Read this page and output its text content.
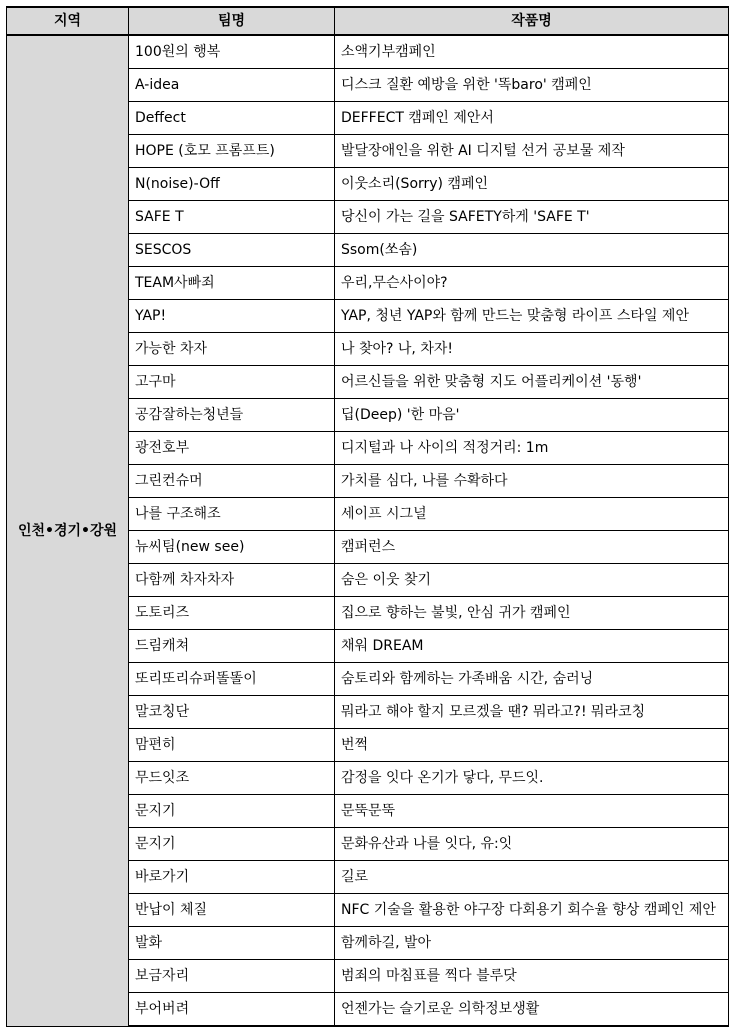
지역	팀명	작품명
인천•경기•강원	100원의 행복	소액기부캠페인
	A-idea	디스크 질환 예방을 위한 '똑baro' 캠페인
	Deffect	DEFFECT 캠페인 제안서
	HOPE (호모 프롬프트)	발달장애인을 위한 AI 디지털 선거 공보물 제작
	N(noise)-Off	이웃소리(Sorry) 캠페인
	SAFE T	당신이 가는 길을 SAFETY하게 'SAFE T'
	SESCOS	Ssom(쏘솜)
	TEAM사빠죄	우리,무슨사이야?
	YAP!	YAP, 청년 YAP와 함께 만드는 맞춤형 라이프 스타일 제안
	가능한 차자	나 찾아? 나, 차자!
	고구마	어르신들을 위한 맞춤형 지도 어플리케이션 '동행'
	공감잘하는청년들	딥(Deep) '한 마음'
	광전호부	디지털과 나 사이의 적정거리: 1m
	그린컨슈머	가치를 심다, 나를 수확하다
	나를 구조해조	세이프 시그널
	뉴씨팀(new see)	캠퍼런스
	다함께 차자차자	숨은 이웃 찾기
	도토리즈	집으로 향하는 불빛, 안심 귀가 캠페인
	드림캐쳐	채워 DREAM
	또리또리슈퍼똘똘이	숨토리와 함께하는 가족배움 시간, 숨러닝
	말코칭단	뭐라고 해야 할지 모르겠을 땐? 뭐라고?! 뭐라코칭
	맘편히	번쩍
	무드잇조	감정을 잇다 온기가 닿다, 무드잇.
	문지기	문뚝문뚝
	문지기	문화유산과 나를 잇다, 유:잇
	바로가기	길로
	반납이 체질	NFC 기술을 활용한 야구장 다회용기 회수율 향상 캠페인 제안
	발화	함께하길, 발아
	보금자리	범죄의 마침표를 찍다 블루닷
	부어버려	언젠가는 슬기로운 의학정보생활
